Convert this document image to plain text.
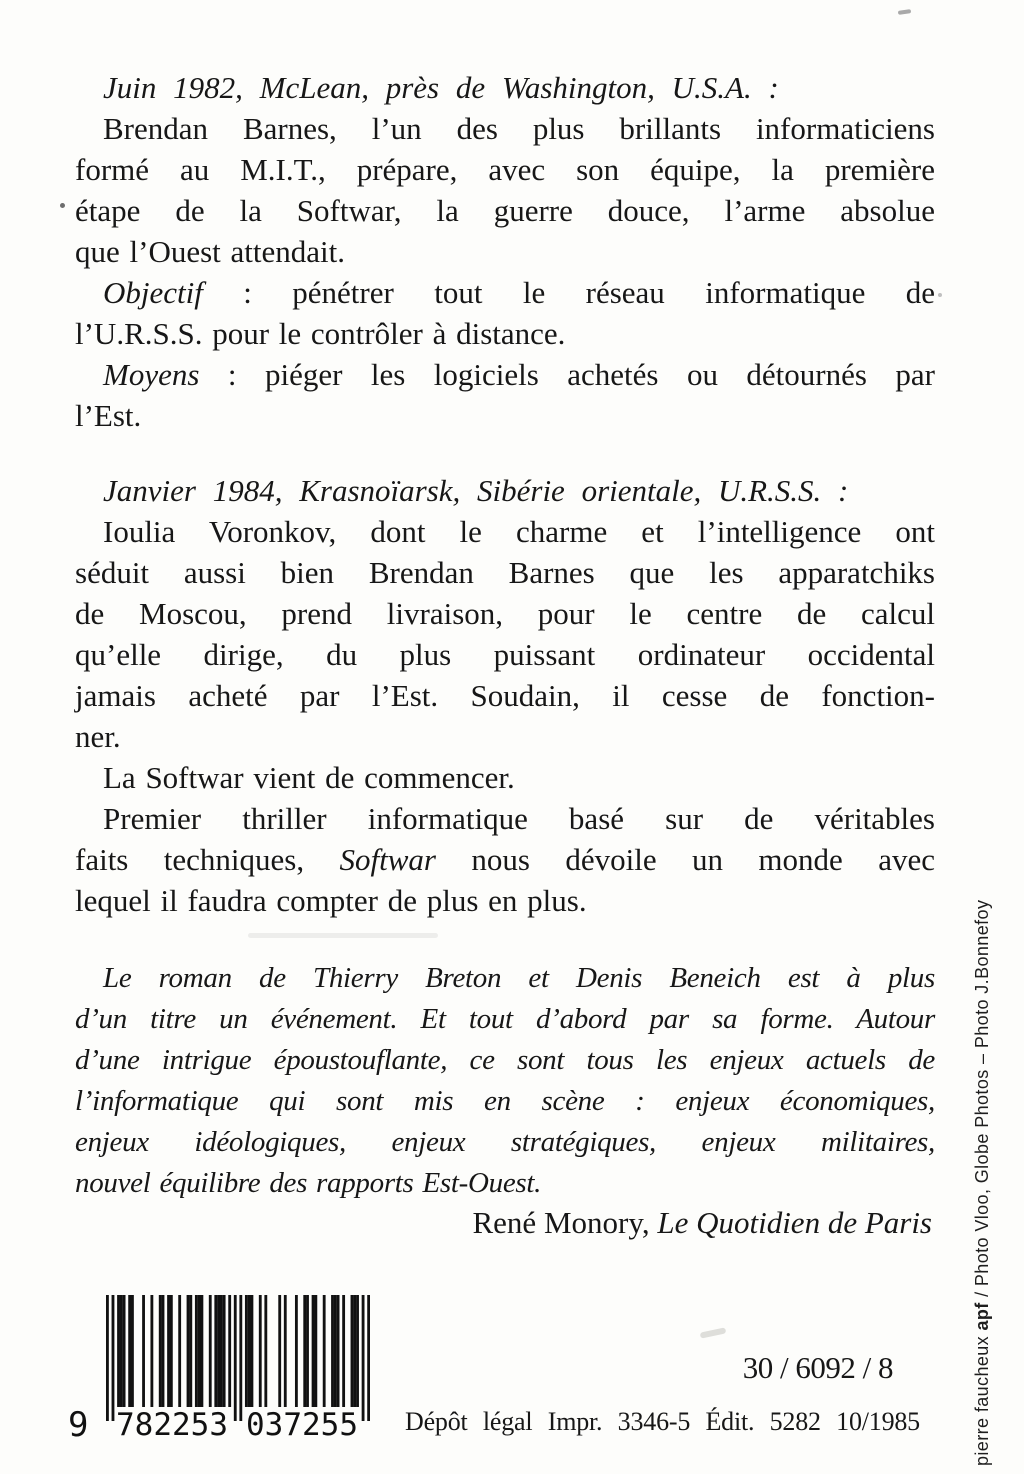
Juin 1982, McLean, près de Washington, U.S.A. :

Brendan Barnes, l’un des plus brillants informaticiens

formé au M.I.T., prépare, avec son équipe, la première

étape de la Softwar, la guerre douce, l’arme absolue

que l’Ouest attendait.

Objectif : pénétrer tout le réseau informatique de

l’U.R.S.S. pour le contrôler à distance.

Moyens : piéger les logiciels achetés ou détournés par

l’Est.

Janvier 1984, Krasnoïarsk, Sibérie orientale, U.R.S.S. :

Ioulia Voronkov, dont le charme et l’intelligence ont

séduit aussi bien Brendan Barnes que les apparatchiks

de Moscou, prend livraison, pour le centre de calcul

qu’elle dirige, du plus puissant ordinateur occidental

jamais acheté par l’Est. Soudain, il cesse de fonction-

ner.

La Softwar vient de commencer.

Premier thriller informatique basé sur de véritables

faits techniques, Softwar nous dévoile un monde avec

lequel il faudra compter de plus en plus.

Le roman de Thierry Breton et Denis Beneich est à plus

d’un titre un événement. Et tout d’abord par sa forme. Autour

d’une intrigue époustouflante, ce sont tous les enjeux actuels de

l’informatique qui sont mis en scène : enjeux économiques,

enjeux idéologiques, enjeux stratégiques, enjeux militaires,

nouvel équilibre des rapports Est-Ouest.

René Monory, Le Quotidien de Paris

9 782253 037255

30 / 6092 / 8

Dépôt légal Impr. 3346-5 Édit. 5282 10/1985	pierre faucheux apf / Photo Vloo, Globe Photos – Photo J.Bonnefoy
